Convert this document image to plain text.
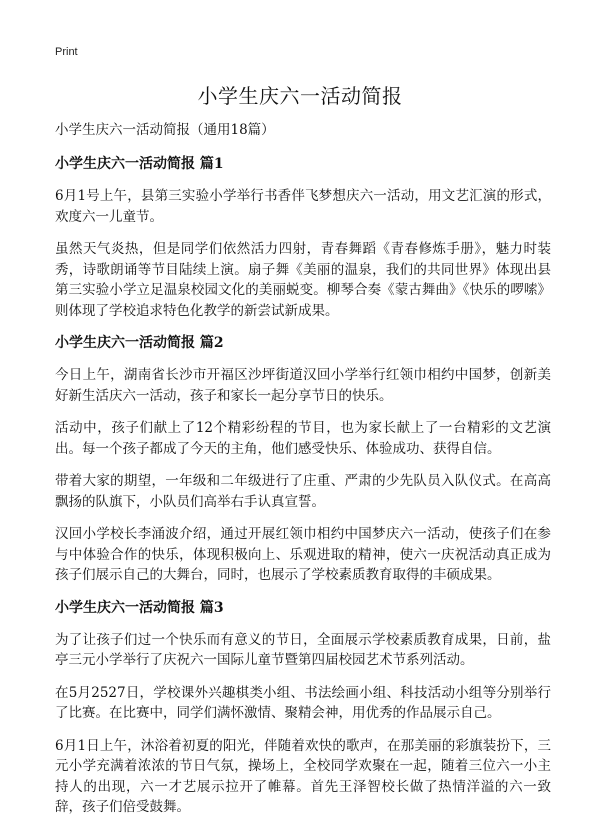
Print
小学生庆六一活动简报

小学生庆六一活动简报（通用18篇）

小学生庆六一活动简报 篇1

6月1号上午，县第三实验小学举行书香伴飞梦想庆六一活动，用文艺汇演的形式，欢度六一儿童节。

虽然天气炎热，但是同学们依然活力四射，青春舞蹈《青春修炼手册》，魅力时装秀，诗歌朗诵等节目陆续上演。扇子舞《美丽的温泉，我们的共同世界》体现出县第三实验小学立足温泉校园文化的美丽蜕变。柳琴合奏《蒙古舞曲》《快乐的啰嗦》则体现了学校追求特色化教学的新尝试新成果。

小学生庆六一活动简报 篇2

今日上午，湖南省长沙市开福区沙坪街道汉回小学举行红领巾相约中国梦，创新美好新生活庆六一活动，孩子和家长一起分享节日的快乐。

活动中，孩子们献上了12个精彩纷程的节目，也为家长献上了一台精彩的文艺演出。每一个孩子都成了今天的主角，他们感受快乐、体验成功、获得自信。

带着大家的期望，一年级和二年级进行了庄重、严肃的少先队员入队仪式。在高高飘扬的队旗下，小队员们高举右手认真宣誓。

汉回小学校长李涌波介绍，通过开展红领巾相约中国梦庆六一活动，使孩子们在参与中体验合作的快乐，体现积极向上、乐观进取的精神，使六一庆祝活动真正成为孩子们展示自己的大舞台，同时，也展示了学校素质教育取得的丰硕成果。

小学生庆六一活动简报 篇3

为了让孩子们过一个快乐而有意义的节日，全面展示学校素质教育成果，日前，盐亭三元小学举行了庆祝六一国际儿童节暨第四届校园艺术节系列活动。

在5月2527日，学校课外兴趣棋类小组、书法绘画小组、科技活动小组等分别举行了比赛。在比赛中，同学们满怀激情、聚精会神，用优秀的作品展示自己。

6月1日上午，沐浴着初夏的阳光，伴随着欢快的歌声，在那美丽的彩旗装扮下，三元小学充满着浓浓的节日气氛，操场上，全校同学欢聚在一起，随着三位六一小主持人的出现，六一才艺展示拉开了帷幕。首先王泽智校长做了热情洋溢的六一致辞，孩子们倍受鼓舞。
